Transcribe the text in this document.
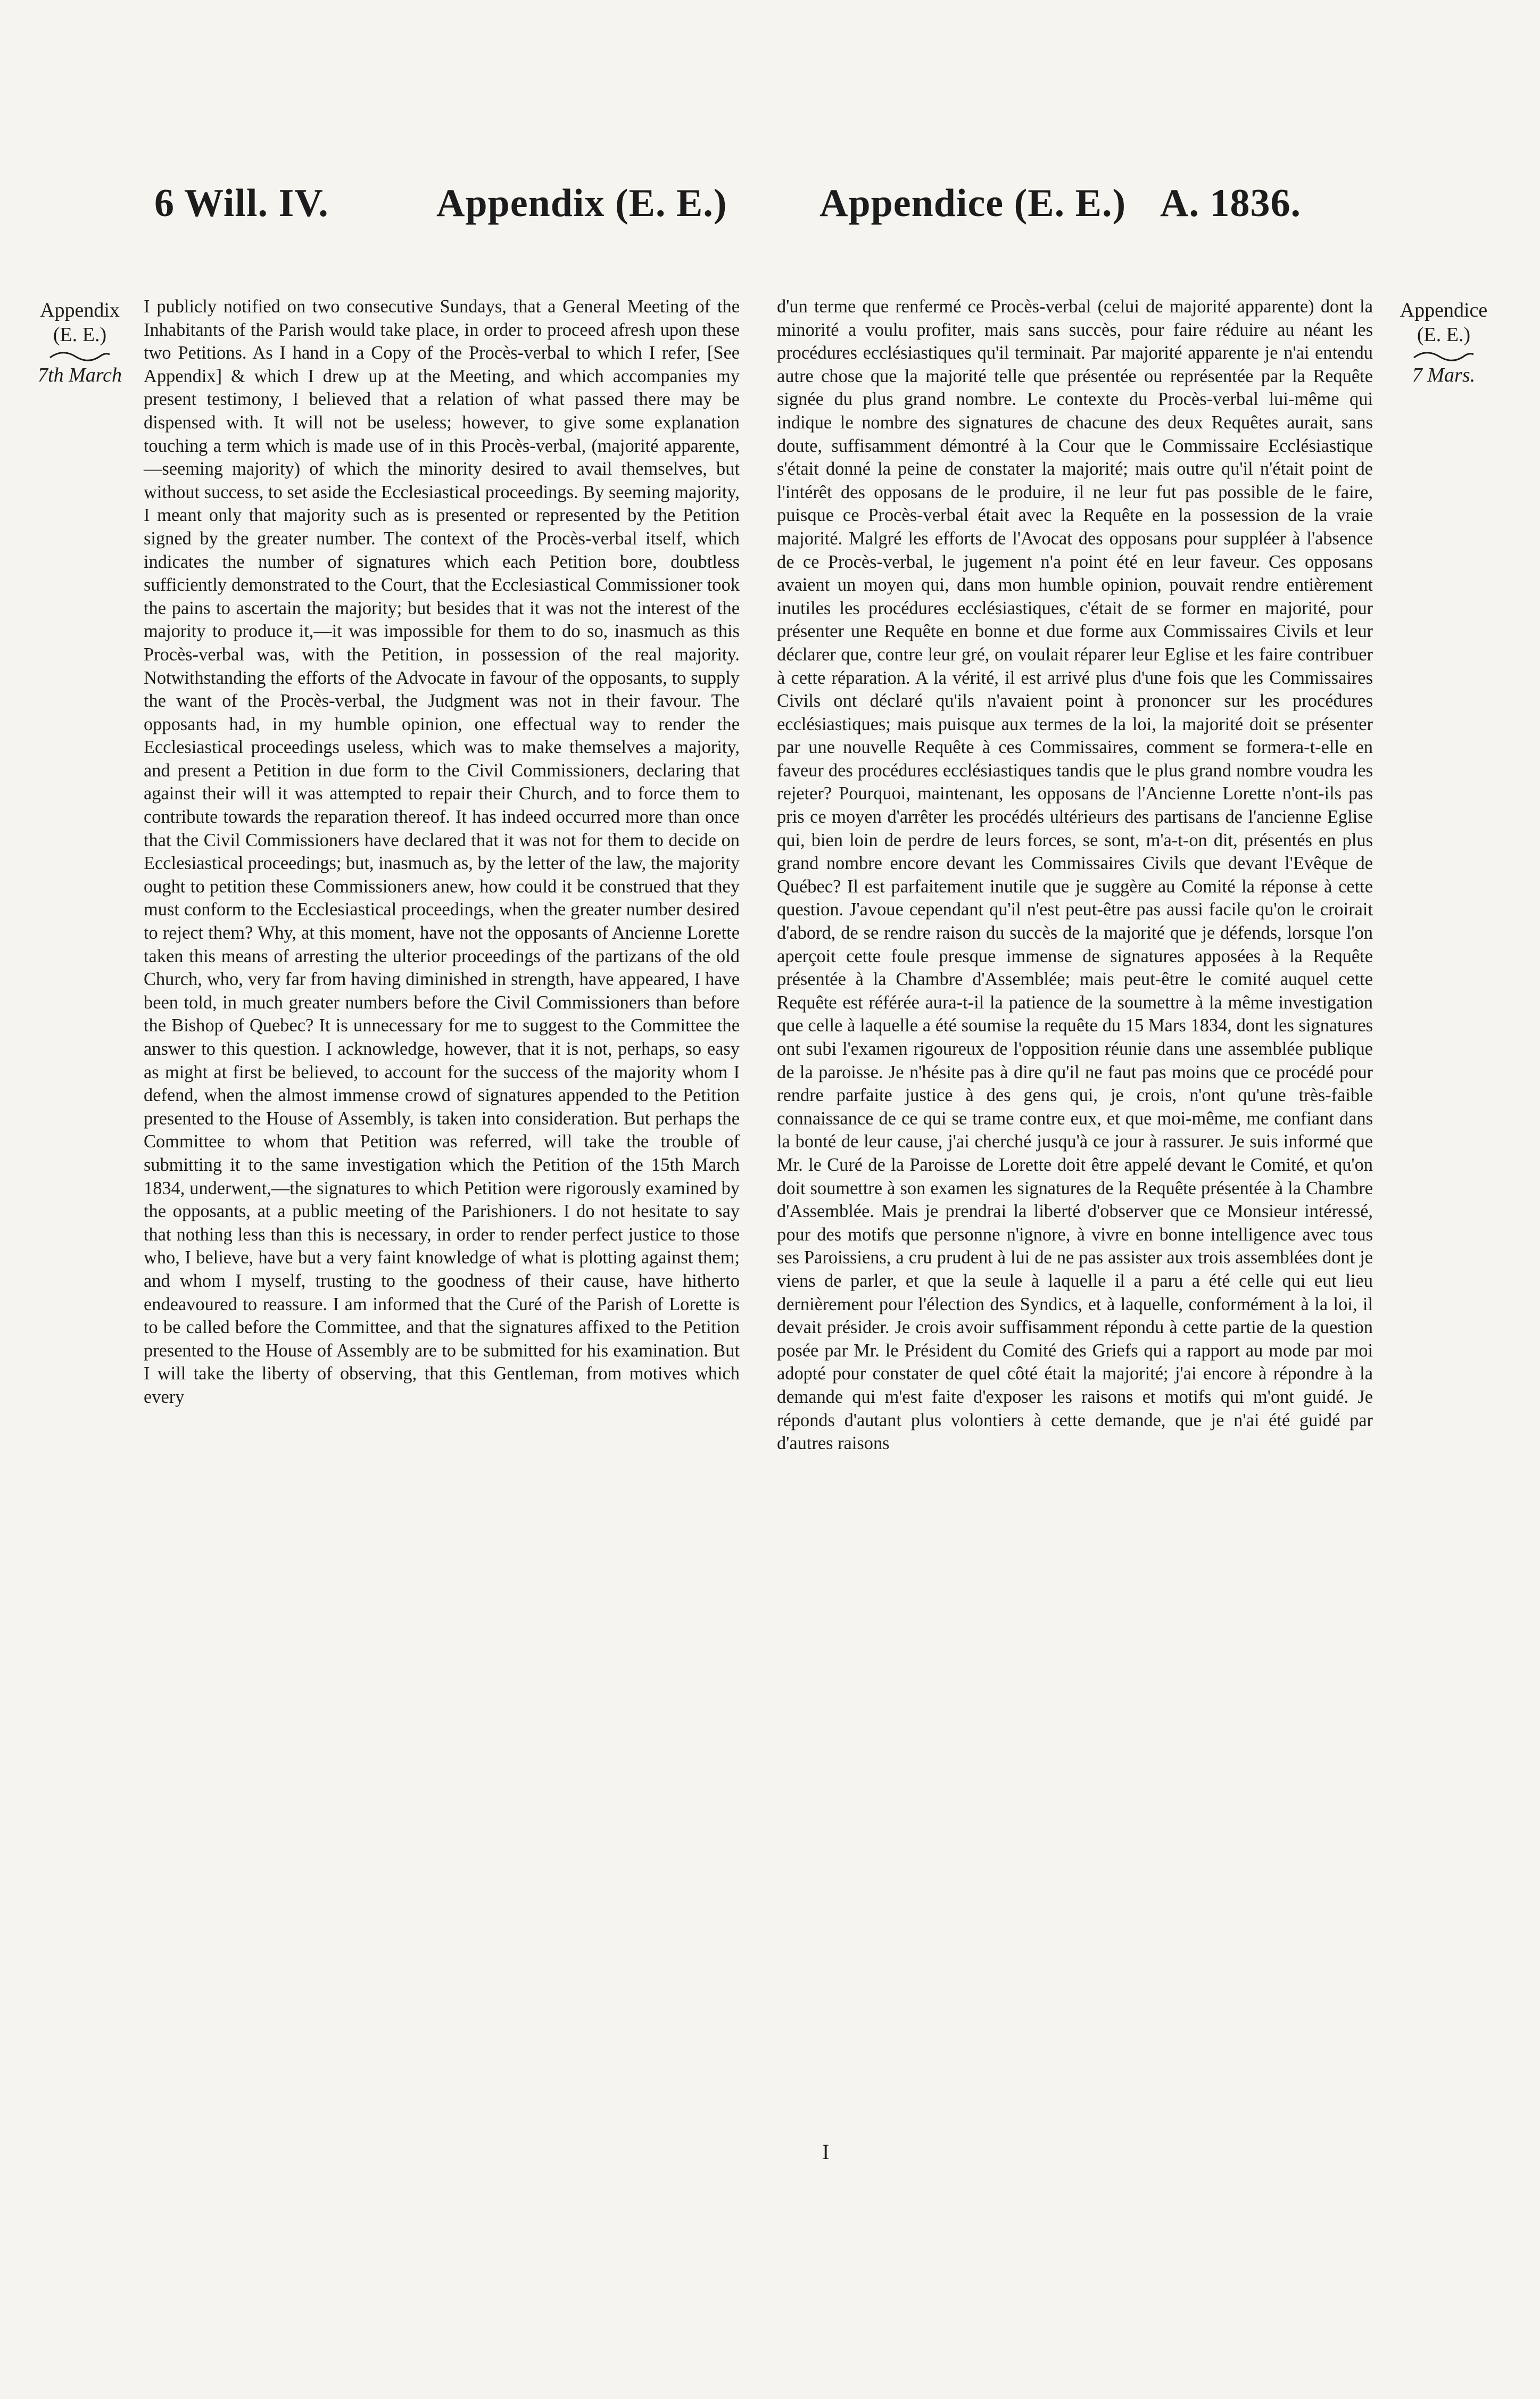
6 Will. IV.	Appendix (E. E.) Appendice (E. E.) A. 1836.
Appendix
(E. E.)
7th March
Appendice
(E. E.)
7 Mars.

I publicly notified on two consecutive Sundays, that a General Meeting of the Inhabitants of the Parish would take place, in order to proceed afresh upon these two Petitions. As I hand in a Copy of the Procès-verbal to which I refer, [See Appendix] & which I drew up at the Meeting, and which accompanies my present testimony, I believed that a relation of what passed there may be dispensed with. It will not be useless; however, to give some explanation touching a term which is made use of in this Procès-verbal, (majorité apparente,—seeming majority) of which the minority desired to avail themselves, but without success, to set aside the Ecclesiastical proceedings. By seeming majority, I meant only that majority such as is presented or represented by the Petition signed by the greater number. The context of the Procès-verbal itself, which indicates the number of signatures which each Petition bore, doubtless sufficiently demonstrated to the Court, that the Ecclesiastical Commissioner took the pains to ascertain the majority; but besides that it was not the interest of the majority to produce it,—it was impossible for them to do so, inasmuch as this Procès-verbal was, with the Petition, in possession of the real majority. Notwithstanding the efforts of the Advocate in favour of the opposants, to supply the want of the Procès-verbal, the Judgment was not in their favour. The opposants had, in my humble opinion, one effectual way to render the Ecclesiastical proceedings useless, which was to make themselves a majority, and present a Petition in due form to the Civil Commissioners, declaring that against their will it was attempted to repair their Church, and to force them to contribute towards the reparation thereof. It has indeed occurred more than once that the Civil Commissioners have declared that it was not for them to decide on Ecclesiastical proceedings; but, inasmuch as, by the letter of the law, the majority ought to petition these Commissioners anew, how could it be construed that they must conform to the Ecclesiastical proceedings, when the greater number desired to reject them? Why, at this moment, have not the opposants of Ancienne Lorette taken this means of arresting the ulterior proceedings of the partizans of the old Church, who, very far from having diminished in strength, have appeared, I have been told, in much greater numbers before the Civil Commissioners than before the Bishop of Quebec? It is unnecessary for me to suggest to the Committee the answer to this question. I acknowledge, however, that it is not, perhaps, so easy as might at first be believed, to account for the success of the majority whom I defend, when the almost immense crowd of signatures appended to the Petition presented to the House of Assembly, is taken into consideration. But perhaps the Committee to whom that Petition was referred, will take the trouble of submitting it to the same investigation which the Petition of the 15th March 1834, underwent,—the signatures to which Petition were rigorously examined by the opposants, at a public meeting of the Parishioners. I do not hesitate to say that nothing less than this is necessary, in order to render perfect justice to those who, I believe, have but a very faint knowledge of what is plotting against them; and whom I myself, trusting to the goodness of their cause, have hitherto endeavoured to reassure. I am informed that the Curé of the Parish of Lorette is to be called before the Committee, and that the signatures affixed to the Petition presented to the House of Assembly are to be submitted for his examination. But I will take the liberty of observing, that this Gentleman, from motives which every

d'un terme que renfermé ce Procès-verbal (celui de majorité apparente) dont la minorité a voulu profiter, mais sans succès, pour faire réduire au néant les procédures ecclésiastiques qu'il terminait. Par majorité apparente je n'ai entendu autre chose que la majorité telle que présentée ou représentée par la Requête signée du plus grand nombre. Le contexte du Procès-verbal lui-même qui indique le nombre des signatures de chacune des deux Requêtes aurait, sans doute, suffisamment démontré à la Cour que le Commissaire Ecclésiastique s'était donné la peine de constater la majorité; mais outre qu'il n'était point de l'intérêt des opposans de le produire, il ne leur fut pas possible de le faire, puisque ce Procès-verbal était avec la Requête en la possession de la vraie majorité. Malgré les efforts de l'Avocat des opposans pour suppléer à l'absence de ce Procès-verbal, le jugement n'a point été en leur faveur. Ces opposans avaient un moyen qui, dans mon humble opinion, pouvait rendre entièrement inutiles les procédures ecclésiastiques, c'était de se former en majorité, pour présenter une Requête en bonne et due forme aux Commissaires Civils et leur déclarer que, contre leur gré, on voulait réparer leur Eglise et les faire contribuer à cette réparation. A la vérité, il est arrivé plus d'une fois que les Commissaires Civils ont déclaré qu'ils n'avaient point à prononcer sur les procédures ecclésiastiques; mais puisque aux termes de la loi, la majorité doit se présenter par une nouvelle Requête à ces Commissaires, comment se formera-t-elle en faveur des procédures ecclésiastiques tandis que le plus grand nombre voudra les rejeter? Pourquoi, maintenant, les opposans de l'Ancienne Lorette n'ont-ils pas pris ce moyen d'arrêter les procédés ultérieurs des partisans de l'ancienne Eglise qui, bien loin de perdre de leurs forces, se sont, m'a-t-on dit, présentés en plus grand nombre encore devant les Commissaires Civils que devant l'Evêque de Québec? Il est parfaitement inutile que je suggère au Comité la réponse à cette question. J'avoue cependant qu'il n'est peut-être pas aussi facile qu'on le croirait d'abord, de se rendre raison du succès de la majorité que je défends, lorsque l'on aperçoit cette foule presque immense de signatures apposées à la Requête présentée à la Chambre d'Assemblée; mais peut-être le comité auquel cette Requête est référée aura-t-il la patience de la soumettre à la même investigation que celle à laquelle a été soumise la requête du 15 Mars 1834, dont les signatures ont subi l'examen rigoureux de l'opposition réunie dans une assemblée publique de la paroisse. Je n'hésite pas à dire qu'il ne faut pas moins que ce procédé pour rendre parfaite justice à des gens qui, je crois, n'ont qu'une très-faible connaissance de ce qui se trame contre eux, et que moi-même, me confiant dans la bonté de leur cause, j'ai cherché jusqu'à ce jour à rassurer. Je suis informé que Mr. le Curé de la Paroisse de Lorette doit être appelé devant le Comité, et qu'on doit soumettre à son examen les signatures de la Requête présentée à la Chambre d'Assemblée. Mais je prendrai la liberté d'observer que ce Monsieur intéressé, pour des motifs que personne n'ignore, à vivre en bonne intelligence avec tous ses Paroissiens, a cru prudent à lui de ne pas assister aux trois assemblées dont je viens de parler, et que la seule à laquelle il a paru a été celle qui eut lieu dernièrement pour l'élection des Syndics, et à laquelle, conformément à la loi, il devait présider. Je crois avoir suffisamment répondu à cette partie de la question posée par Mr. le Président du Comité des Griefs qui a rapport au mode par moi adopté pour constater de quel côté était la majorité; j'ai encore à répondre à la demande qui m'est faite d'exposer les raisons et motifs qui m'ont guidé. Je réponds d'autant plus volontiers à cette demande, que je n'ai été guidé par d'autres raisons

I
